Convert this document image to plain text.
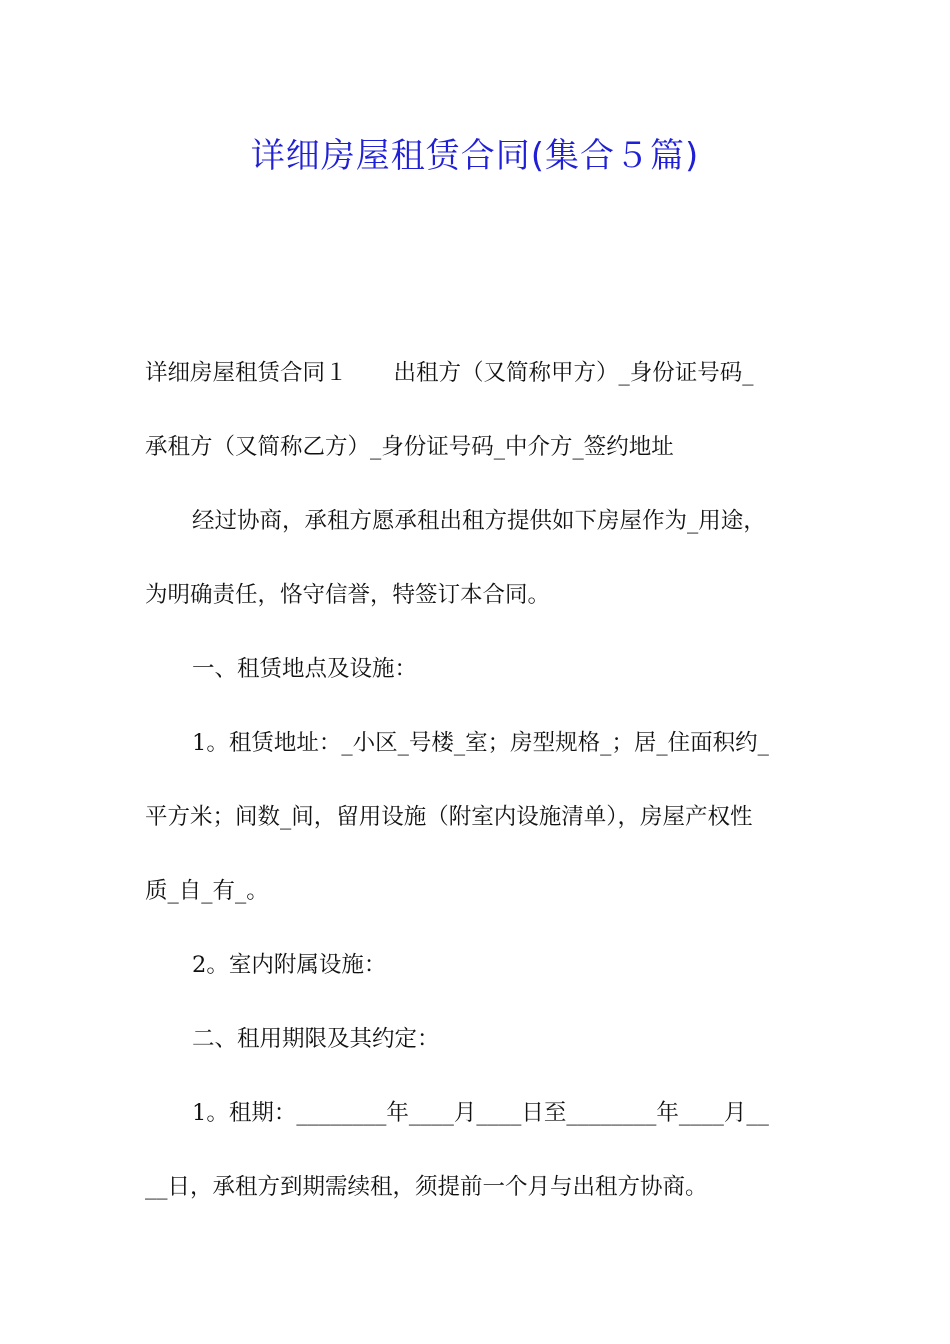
详细房屋租赁合同(集合５篇)
详细房屋租赁合同１ 出租方（又简称甲方）_身份证号码_
承租方（又简称乙方）_身份证号码_中介方_签约地址
经过协商，承租方愿承租出租方提供如下房屋作为_用途，
为明确责任，恪守信誉，特签订本合同。
一、租赁地点及设施：
1。租赁地址：_小区_号楼_室；房型规格_；居_住面积约_
平方米；间数_间，留用设施（附室内设施清单），房屋产权性
质_自_有_。
2。室内附属设施：
二、租用期限及其约定：
1。租期：________年____月____日至________年____月__
__日，承租方到期需续租，须提前一个月与出租方协商。
